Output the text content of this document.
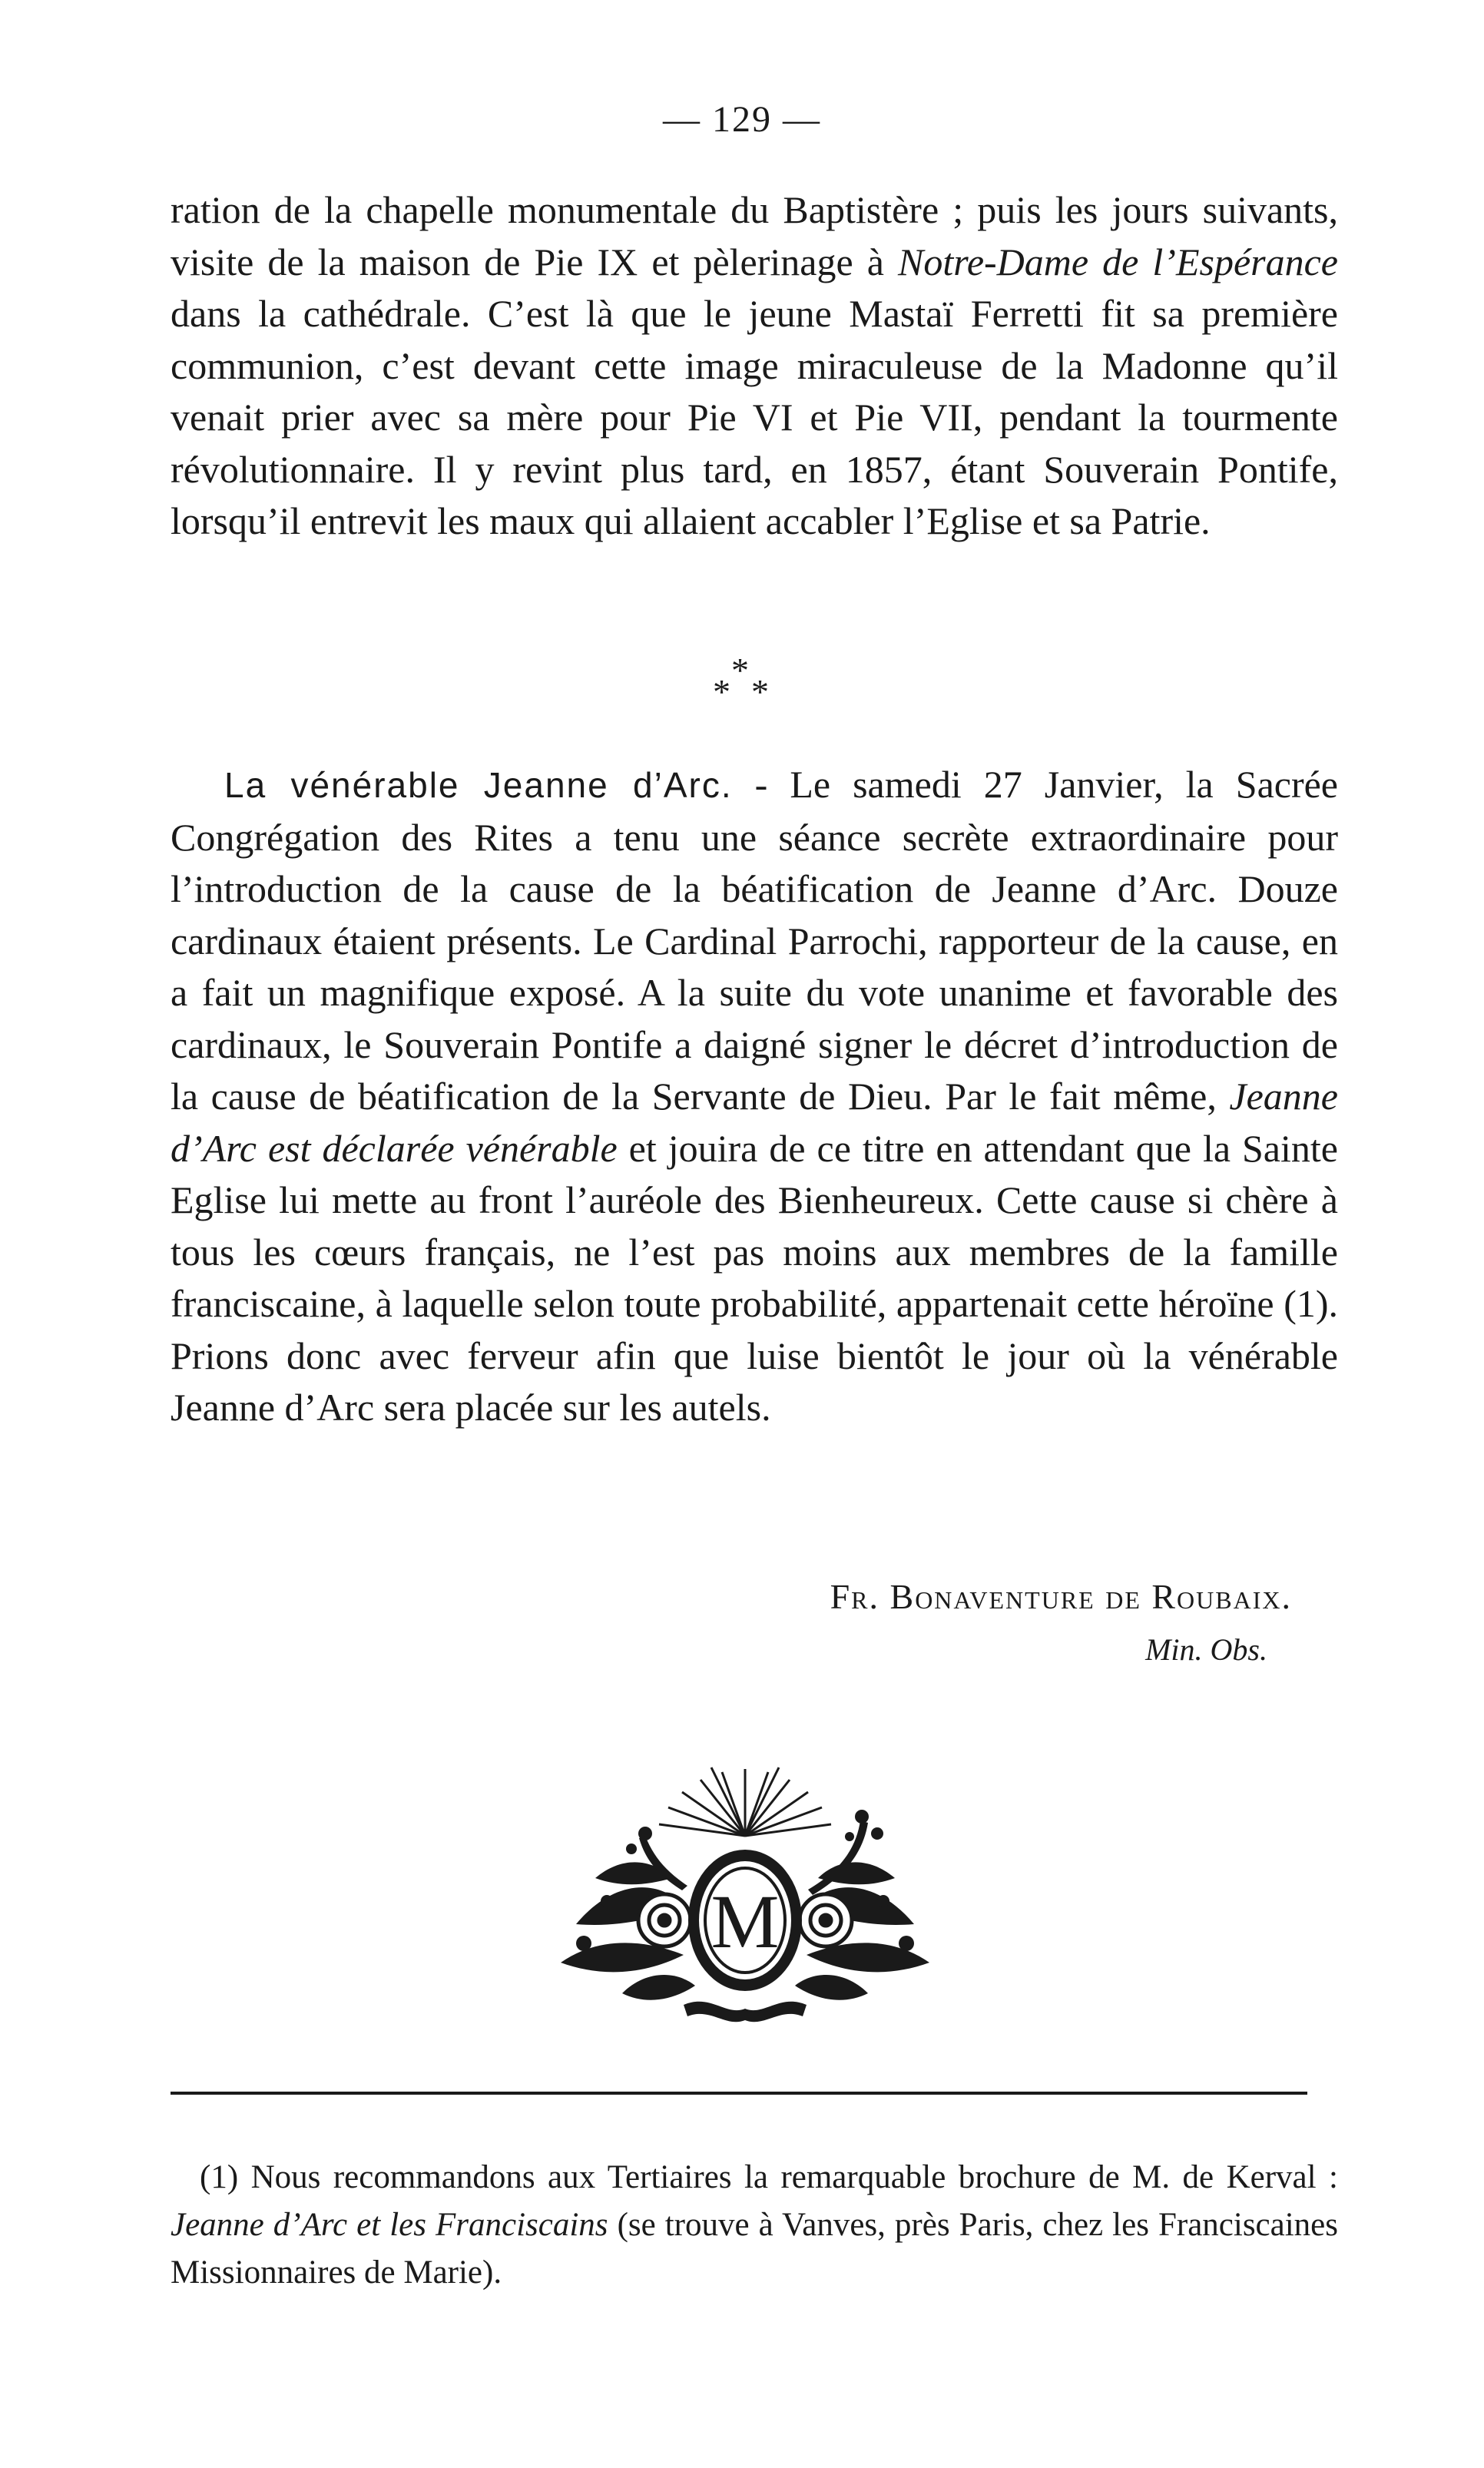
— 129 —

ration de la chapelle monumentale du Baptistère ; puis les jours suivants, visite de la maison de Pie IX et pèlerinage à Notre-Dame de l’Espérance dans la cathédrale. C’est là que le jeune Mastaï Ferretti fit sa première communion, c’est devant cette image miraculeuse de la Madonne qu’il venait prier avec sa mère pour Pie VI et Pie VII, pendant la tourmente révolutionnaire. Il y revint plus tard, en 1857, étant Souverain Pontife, lorsqu’il entrevit les maux qui allaient accabler l’Eglise et sa Patrie.

*
* *

La vénérable Jeanne d’Arc. - Le samedi 27 Janvier, la Sacrée Congrégation des Rites a tenu une séance secrète extraordinaire pour l’introduction de la cause de la béatification de Jeanne d’Arc. Douze cardinaux étaient présents. Le Cardinal Parrochi, rapporteur de la cause, en a fait un magnifique exposé. A la suite du vote unanime et favorable des cardinaux, le Souverain Pontife a daigné signer le décret d’introduction de la cause de béatification de la Servante de Dieu. Par le fait même, Jeanne d’Arc est déclarée vénérable et jouira de ce titre en attendant que la Sainte Eglise lui mette au front l’auréole des Bienheureux. Cette cause si chère à tous les cœurs français, ne l’est pas moins aux membres de la famille franciscaine, à laquelle selon toute probabilité, appartenait cette héroïne (1). Prions donc avec ferveur afin que luise bientôt le jour où la vénérable Jeanne d’Arc sera placée sur les autels.

Fr. Bonaventure de Roubaix.
Min. Obs.
M

(1) Nous recommandons aux Tertiaires la remarquable brochure de M. de Kerval : Jeanne d’Arc et les Franciscains (se trouve à Vanves, près Paris, chez les Franciscaines Missionnaires de Marie).
